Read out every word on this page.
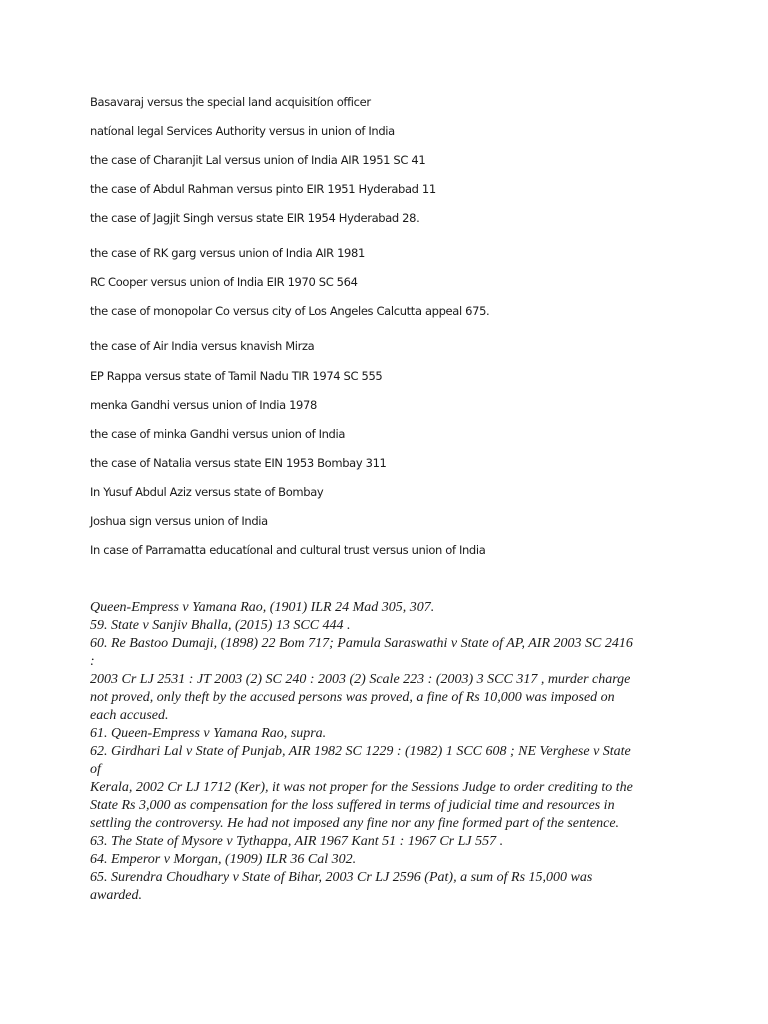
Basavaraj versus the special land acquisitíon officer
natíonal legal Services Authority versus in union of India
the case of Charanjit Lal versus union of India AIR 1951 SC 41
the case of Abdul Rahman versus pinto EIR 1951 Hyderabad 11
the case of Jagjit Singh versus state EIR 1954 Hyderabad 28.
the case of RK garg versus union of India AIR 1981
RC Cooper versus union of India EIR 1970 SC 564
the case of monopolar Co versus city of Los Angeles Calcutta appeal 675.
the case of Air India versus knavish Mirza
EP Rappa versus state of Tamil Nadu TIR 1974 SC 555
menka Gandhi versus union of India 1978
the case of minka Gandhi versus union of India
the case of Natalia versus state EIN 1953 Bombay 311
In Yusuf Abdul Aziz versus state of Bombay
Joshua sign versus union of India
In case of Parramatta educatíonal and cultural trust versus union of India
Queen-Empress v Yamana Rao, (1901) ILR 24 Mad 305, 307.
59. State v Sanjiv Bhalla, (2015) 13 SCC 444 .
60. Re Bastoo Dumaji, (1898) 22 Bom 717; Pamula Saraswathi v State of AP, AIR 2003 SC 2416
:
2003 Cr LJ 2531 : JT 2003 (2) SC 240 : 2003 (2) Scale 223 : (2003) 3 SCC 317 , murder charge
not proved, only theft by the accused persons was proved, a fine of Rs 10,000 was imposed on
each accused.
61. Queen-Empress v Yamana Rao, supra.
62. Girdhari Lal v State of Punjab, AIR 1982 SC 1229 : (1982) 1 SCC 608 ; NE Verghese v State
of
Kerala, 2002 Cr LJ 1712 (Ker), it was not proper for the Sessions Judge to order crediting to the
State Rs 3,000 as compensation for the loss suffered in terms of judicial time and resources in
settling the controversy. He had not imposed any fine nor any fine formed part of the sentence.
63. The State of Mysore v Tythappa, AIR 1967 Kant 51 : 1967 Cr LJ 557 .
64. Emperor v Morgan, (1909) ILR 36 Cal 302.
65. Surendra Choudhary v State of Bihar, 2003 Cr LJ 2596 (Pat), a sum of Rs 15,000 was
awarded.
